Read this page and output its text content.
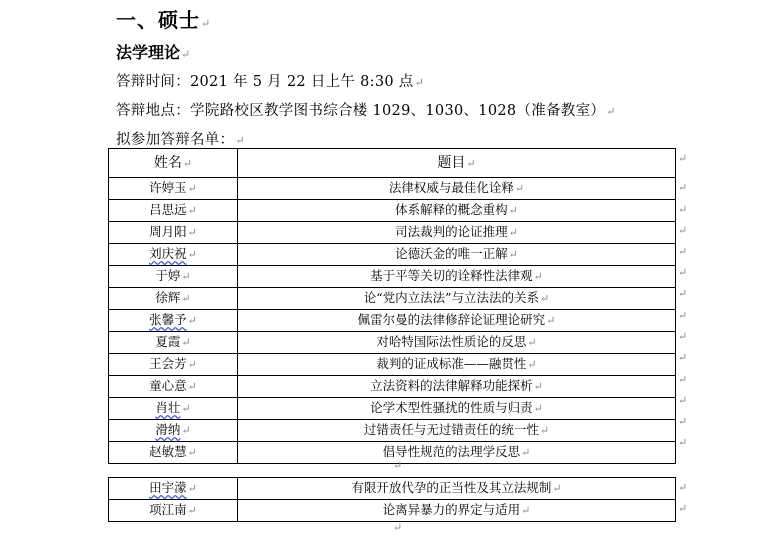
一、硕士↵
法学理论↵
答辩时间：2021 年 5 月 22 日上午 8:30 点↵
答辩地点：学院路校区教学图书综合楼 1029、1030、1028（准备教室）↵
拟参加答辩名单：↵
姓名↵	题目↵
许婷玉↵	法律权威与最佳化诠释↵
吕思远↵	体系解释的概念重构↵
周月阳↵	司法裁判的论证推理↵
刘庆祝↵	论德沃金的唯一正解↵
于婷↵	基于平等关切的诠释性法律观↵
徐辉↵	论“党内立法法”与立法法的关系↵
张馨予↵	佩雷尔曼的法律修辞论证理论研究↵
夏霞↵	对哈特国际法性质论的反思↵
王会芳↵	裁判的证成标准——融贯性↵
童心意↵	立法资料的法律解释功能探析↵
肖壮↵	论学术型性骚扰的性质与归责↵
滑纳↵	过错责任与无过错责任的统一性↵
赵敏慧↵	倡导性规范的法理学反思↵
↵
田宇濛↵	有限开放代孕的正当性及其立法规制↵
项江南↵	论离异暴力的界定与适用↵
↵
↵
↵
↵
↵
↵
↵
↵
↵
↵
↵
↵
↵
↵
↵
↵
↵
